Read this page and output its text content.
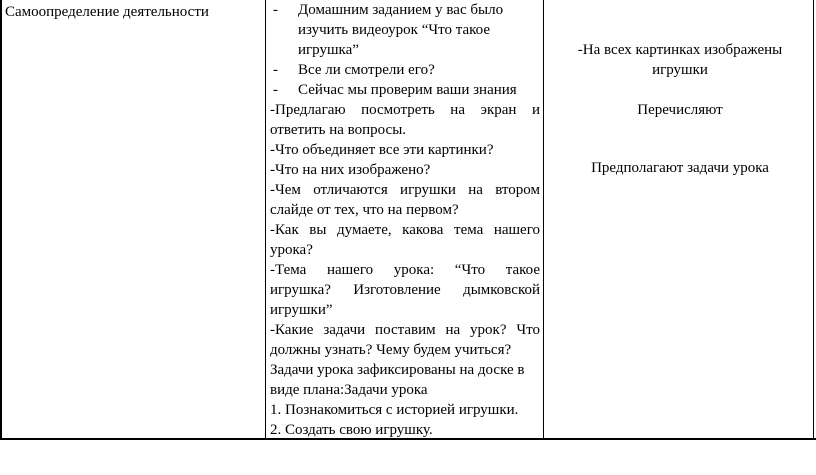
Самоопределение деятельности

-	Домашним заданием у вас было изучить видеоурок “Что такое игрушка”
- Все ли смотрели его?
- Сейчас мы проверим ваши знания
-Предлагаю посмотреть на экран и
ответить на вопросы.
-Что объединяет все эти картинки?
-Что на них изображено?
-Чем отличаются игрушки на втором
слайде от тех, что на первом?
-Как вы думаете, какова тема нашего
урока?
-Тема нашего урока: “Что такое
игрушка? Изготовление дымковской
игрушки”
-Какие задачи поставим на урок? Что
должны узнать? Чему будем учиться?
Задачи урока зафиксированы на доске в
виде плана:Задачи урока
1. Познакомиться с историей игрушки.
2. Создать свою игрушку.
-На всех картинках изображены
игрушки
Перечисляют
Предполагают задачи урока
